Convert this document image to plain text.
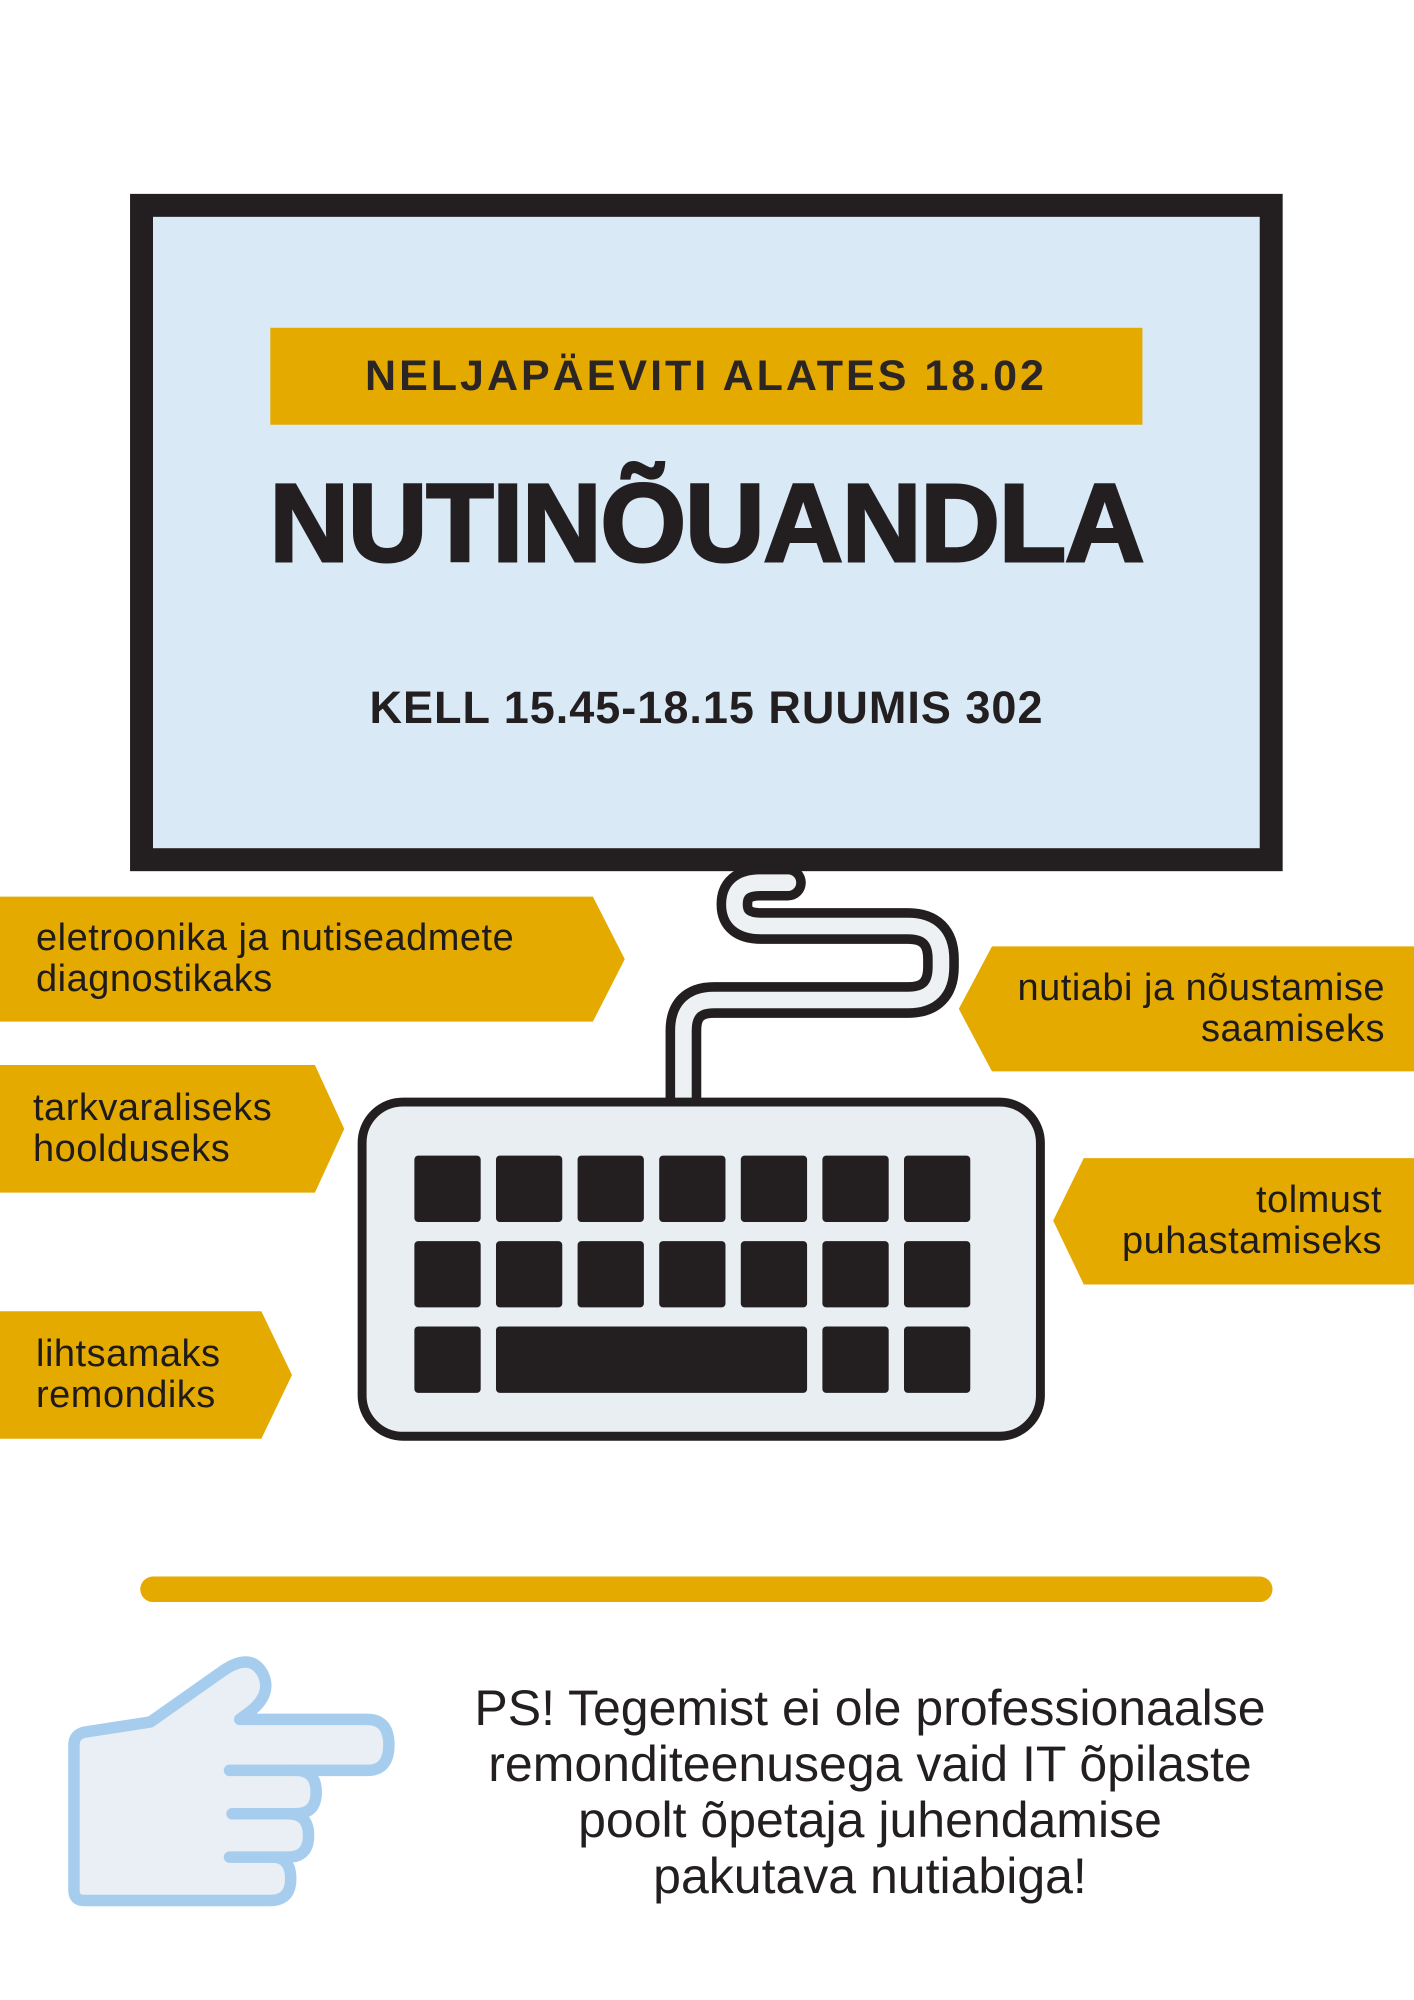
NELJAPÄEVITI ALATES 18.02
NUTINÕUANDLA
KELL 15.45-18.15 RUUMIS 302
eletroonika ja nutiseadmete
diagnostikaks
tarkvaraliseks
hoolduseks
lihtsamaks
remondiks
nutiabi ja nõustamise
saamiseks
tolmust
puhastamiseks
PS! Tegemist ei ole professionaalse
remonditeenusega vaid IT õpilaste
poolt õpetaja juhendamise
pakutava nutiabiga!
